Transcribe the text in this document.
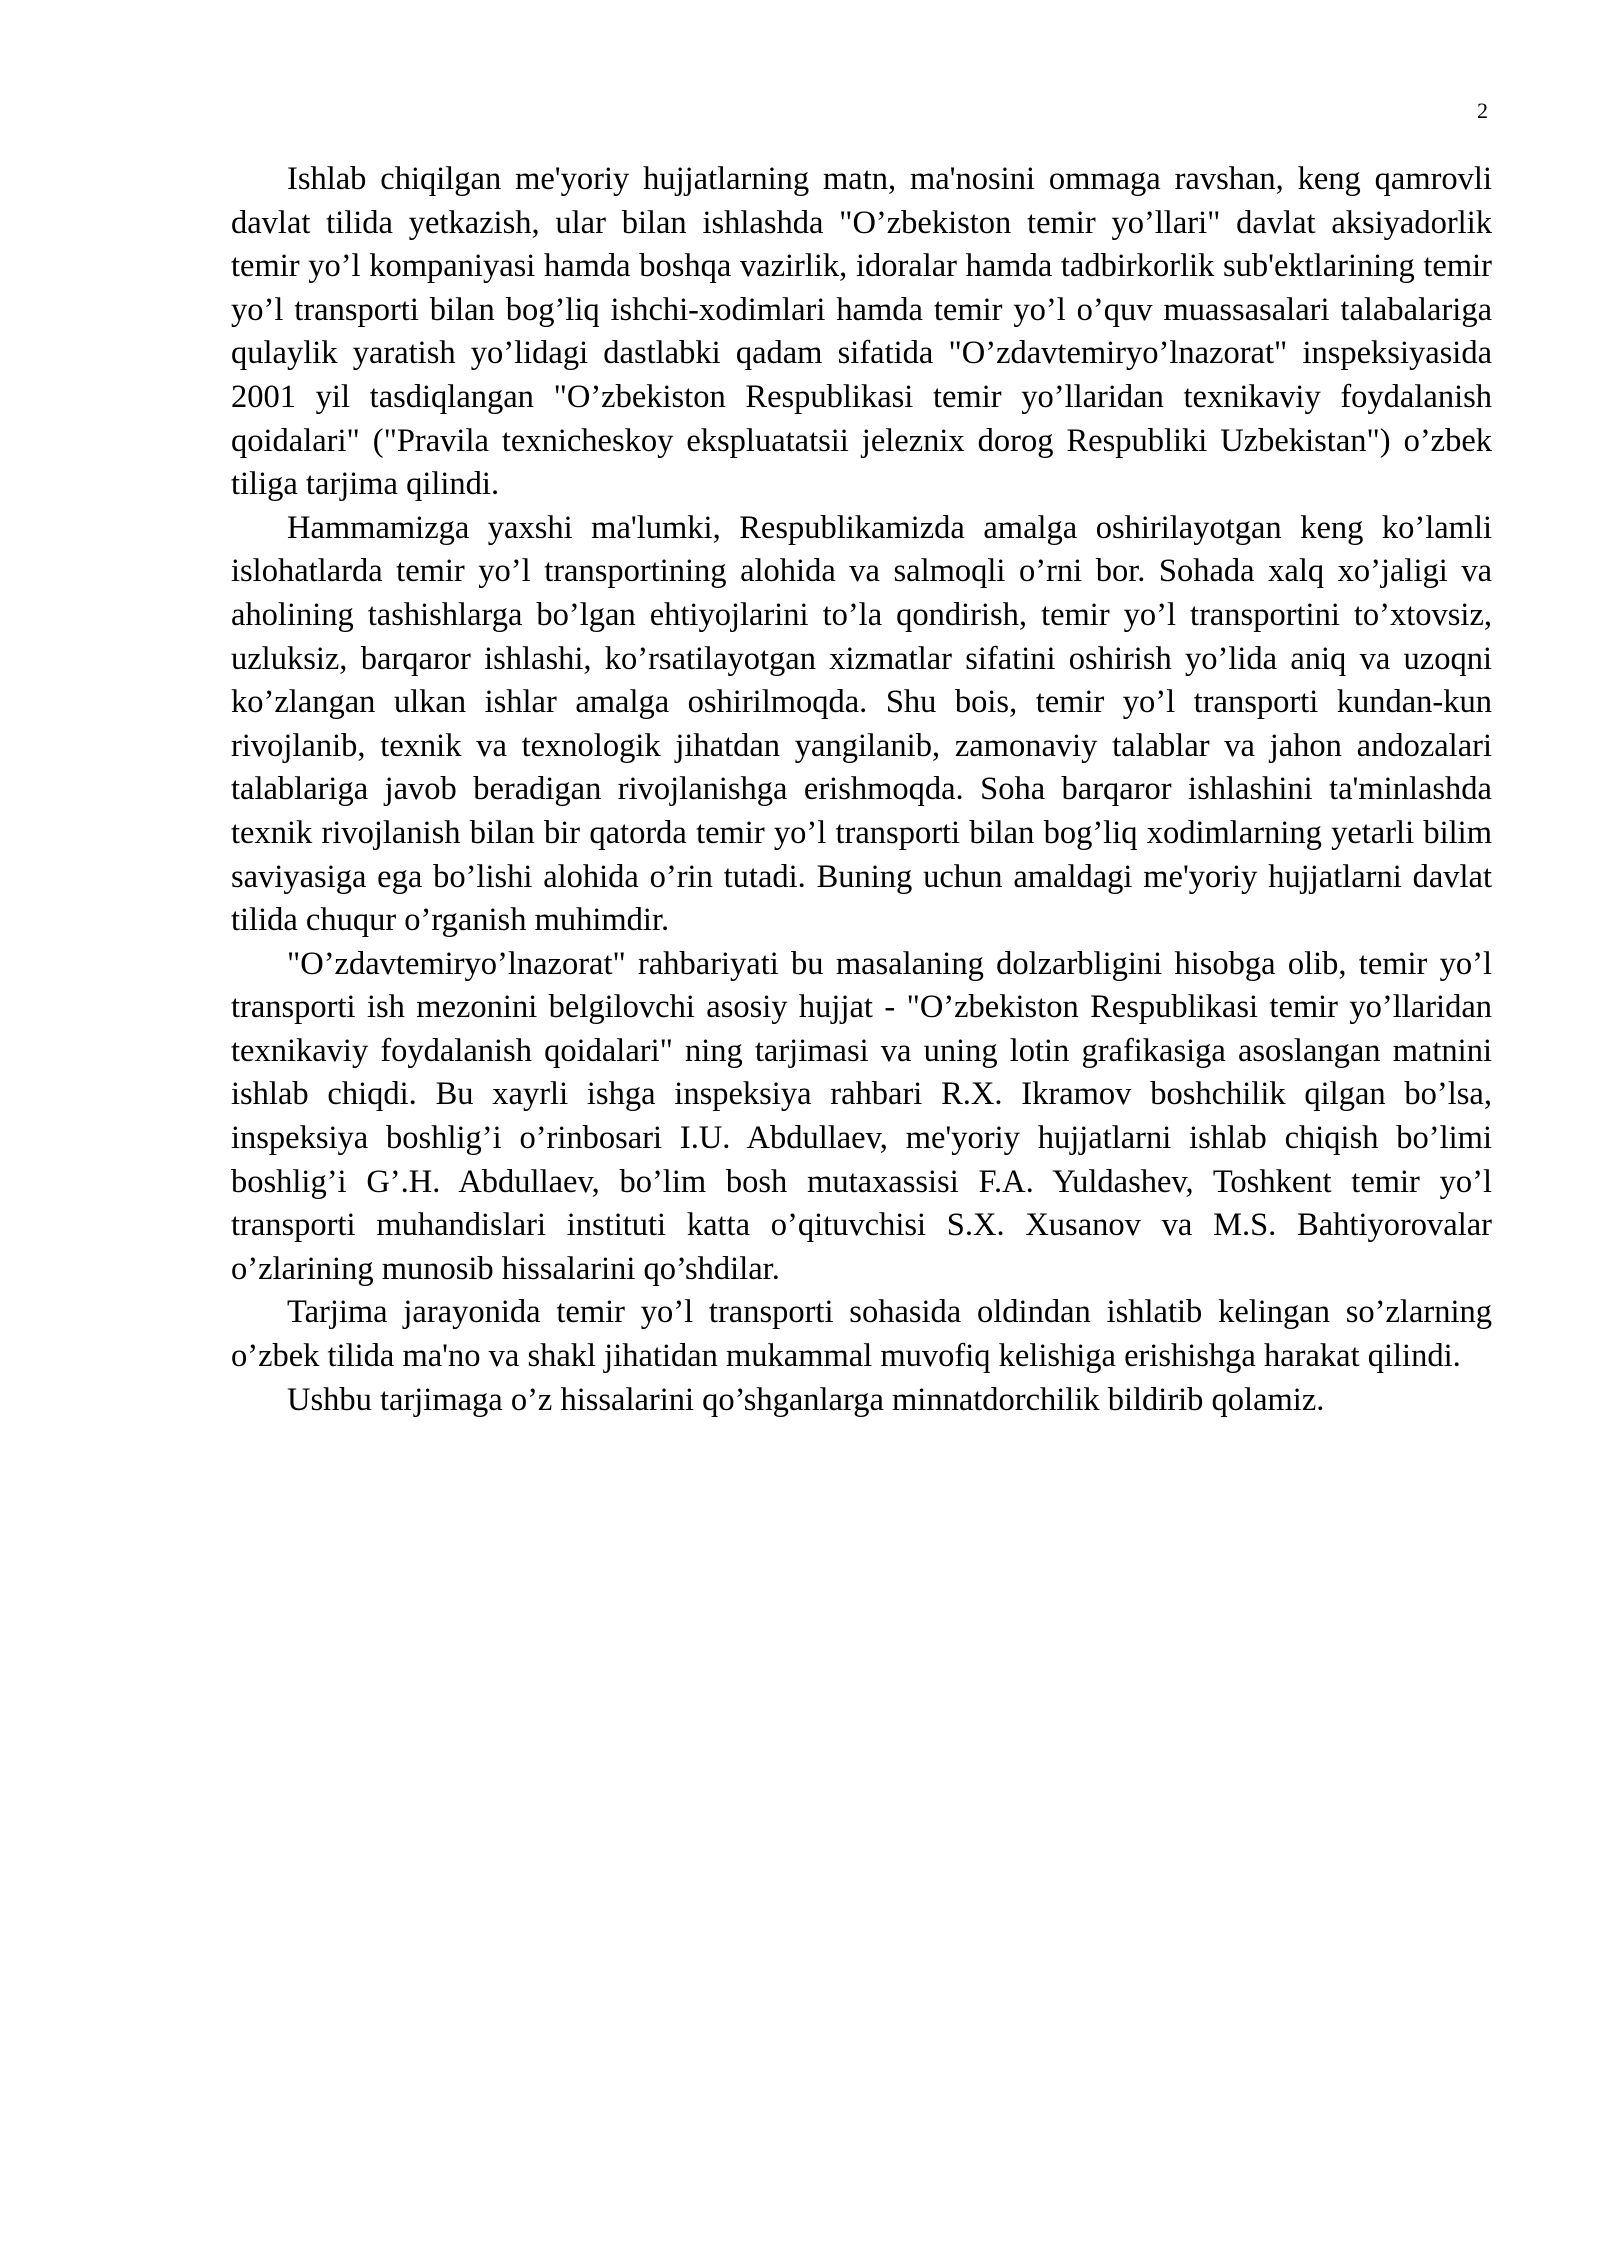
2

Ishlab chiqilgan me'yoriy hujjatlarning matn, ma'nosini ommaga ravshan, keng qamrovli davlat tilida yetkazish, ular bilan ishlashda "O’zbekiston temir yo’llari" davlat aksiyadorlik temir yo’l kompaniyasi hamda boshqa vazirlik, idoralar hamda tadbirkorlik sub'ektlarining temir yo’l transporti bilan bog’liq ishchi-xodimlari hamda temir yo’l o’quv muassasalari talabalariga qulaylik yaratish yo’lidagi dastlabki qadam sifatida "O’zdavtemiryo’lnazorat" inspeksiyasida 2001 yil tasdiqlangan "O’zbekiston Respublikasi temir yo’llaridan texnikaviy foydalanish qoidalari" ("Pravila texnicheskoy ekspluatatsii jeleznix dorog Respubliki Uzbekistan") o’zbek tiliga tarjima qilindi.

Hammamizga yaxshi ma'lumki, Respublikamizda amalga oshirilayotgan keng ko’lamli islohatlarda temir yo’l transportining alohida va salmoqli o’rni bor. Sohada xalq xo’jaligi va aholining tashishlarga bo’lgan ehtiyojlarini to’la qondirish, temir yo’l transportini to’xtovsiz, uzluksiz, barqaror ishlashi, ko’rsatilayotgan xizmatlar sifatini oshirish yo’lida aniq va uzoqni ko’zlangan ulkan ishlar amalga oshirilmoqda. Shu bois, temir yo’l transporti kundan-kun rivojlanib, texnik va texnologik jihatdan yangilanib, zamonaviy talablar va jahon andozalari talablariga javob beradigan rivojlanishga erishmoqda. Soha barqaror ishlashini ta'minlashda texnik rivojlanish bilan bir qatorda temir yo’l transporti bilan bog’liq xodimlarning yetarli bilim saviyasiga ega bo’lishi alohida o’rin tutadi. Buning uchun amaldagi me'yoriy hujjatlarni davlat tilida chuqur o’rganish muhimdir.

"O’zdavtemiryo’lnazorat" rahbariyati bu masalaning dolzarbligini hisobga olib, temir yo’l transporti ish mezonini belgilovchi asosiy hujjat - "O’zbekiston Respublikasi temir yo’llaridan texnikaviy foydalanish qoidalari" ning tarjimasi va uning lotin grafikasiga asoslangan matnini ishlab chiqdi. Bu xayrli ishga inspeksiya rahbari R.X. Ikramov boshchilik qilgan bo’lsa, inspeksiya boshlig’i o’rinbosari I.U. Abdullaev, me'yoriy hujjatlarni ishlab chiqish bo’limi boshlig’i G’.H. Abdullaev, bo’lim bosh mutaxassisi F.A. Yuldashev, Toshkent temir yo’l transporti muhandislari instituti katta o’qituvchisi S.X. Xusanov va M.S. Bahtiyorovalar o’zlarining munosib hissalarini qo’shdilar.

Tarjima jarayonida temir yo’l transporti sohasida oldindan ishlatib kelingan so’zlarning o’zbek tilida ma'no va shakl jihatidan mukammal muvofiq kelishiga erishishga harakat qilindi.

Ushbu tarjimaga o’z hissalarini qo’shganlarga minnatdorchilik bildirib qolamiz.
